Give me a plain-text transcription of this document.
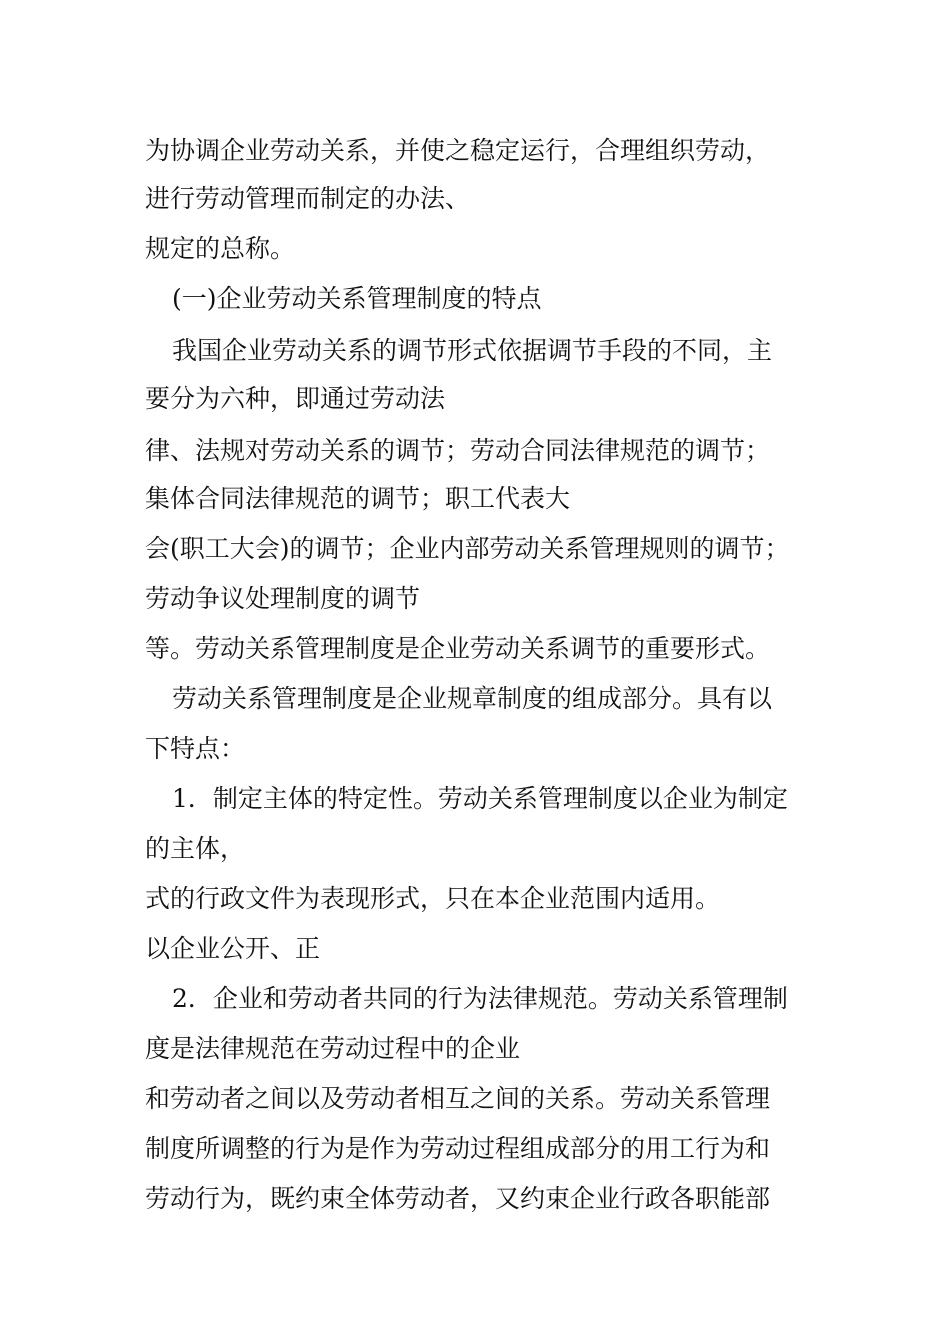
为协调企业劳动关系，并使之稳定运行，合理组织劳动，
进行劳动管理而制定的办法、
规定的总称。
(一)企业劳动关系管理制度的特点
我国企业劳动关系的调节形式依据调节手段的不同，主
要分为六种，即通过劳动法
律、法规对劳动关系的调节；劳动合同法律规范的调节；
集体合同法律规范的调节；职工代表大
会(职工大会)的调节；企业内部劳动关系管理规则的调节；
劳动争议处理制度的调节
等。劳动关系管理制度是企业劳动关系调节的重要形式。
劳动关系管理制度是企业规章制度的组成部分。具有以
下特点：
1．制定主体的特定性。劳动关系管理制度以企业为制定
的主体，
式的行政文件为表现形式，只在本企业范围内适用。
以企业公开、正
2．企业和劳动者共同的行为法律规范。劳动关系管理制
度是法律规范在劳动过程中的企业
和劳动者之间以及劳动者相互之间的关系。劳动关系管理
制度所调整的行为是作为劳动过程组成部分的用工行为和
劳动行为，既约束全体劳动者，又约束企业行政各职能部
